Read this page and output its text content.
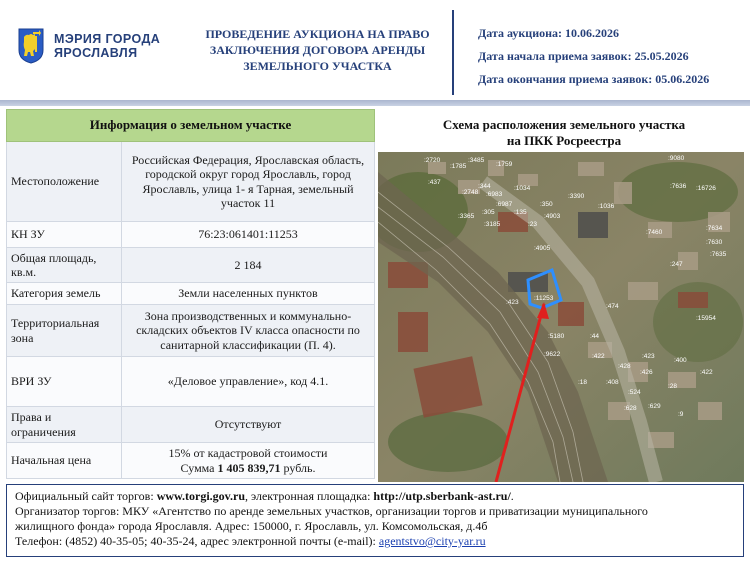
МЭРИЯ ГОРОДА
ЯРОСЛАВЛЯ
ПРОВЕДЕНИЕ АУКЦИОНА НА ПРАВО
ЗАКЛЮЧЕНИЯ ДОГОВОРА АРЕНДЫ
ЗЕМЕЛЬНОГО УЧАСТКА
Дата аукциона: 10.06.2026
Дата начала приема заявок: 25.05.2026
Дата окончания приема заявок: 05.06.2026
Информация о земельном участке	
Местоположение	Российская Федерация, Ярославская область, городской округ город Ярославль, город Ярославль, улица 1- я Тарная, земельный участок 11
КН ЗУ	76:23:061401:11253
Общая площадь, кв.м.	2 184
Категория земель	Земли населенных пунктов
Территориальная зона	Зона производственных и коммунально-складских объектов IV класса опасности по санитарной классификации (П. 4).
ВРИ ЗУ	«Деловое управление», код 4.1.
Права и ограничения	Отсутствуют
Начальная цена	15% от кадастровой стоимости
Сумма 1 405 839,71 рубль.
Схема расположения земельного участка
на ПКК Росреестра
:11253
:2720
:1785
:3485
:1759
:437
:344
:2748 :6983
:1034
:6987
:305	:135
:3365
:3185	:23
:350
:4903
:3390
:1036
:4905
:9080
:16726
:7636
:7634
:7630
:7635
:7460
:423
:474
:44
:5180
:9622
:15954
:247
:423
:428
:408
:524
:628 :629
:18
:28
:400
:422
:426
:9
:422
Официальный сайт торгов: www.torgi.gov.ru, электронная площадка: http://utp.sberbank-ast.ru/.
Организатор торгов: МКУ «Агентство по аренде земельных участков, организации торгов и приватизации муниципального
жилищного фонда» города Ярославля. Адрес: 150000, г. Ярославль, ул. Комсомольская, д.4б
Телефон: (4852) 40-35-05; 40-35-24, адрес электронной почты (e-mail): agentstvo@city-yar.ru
